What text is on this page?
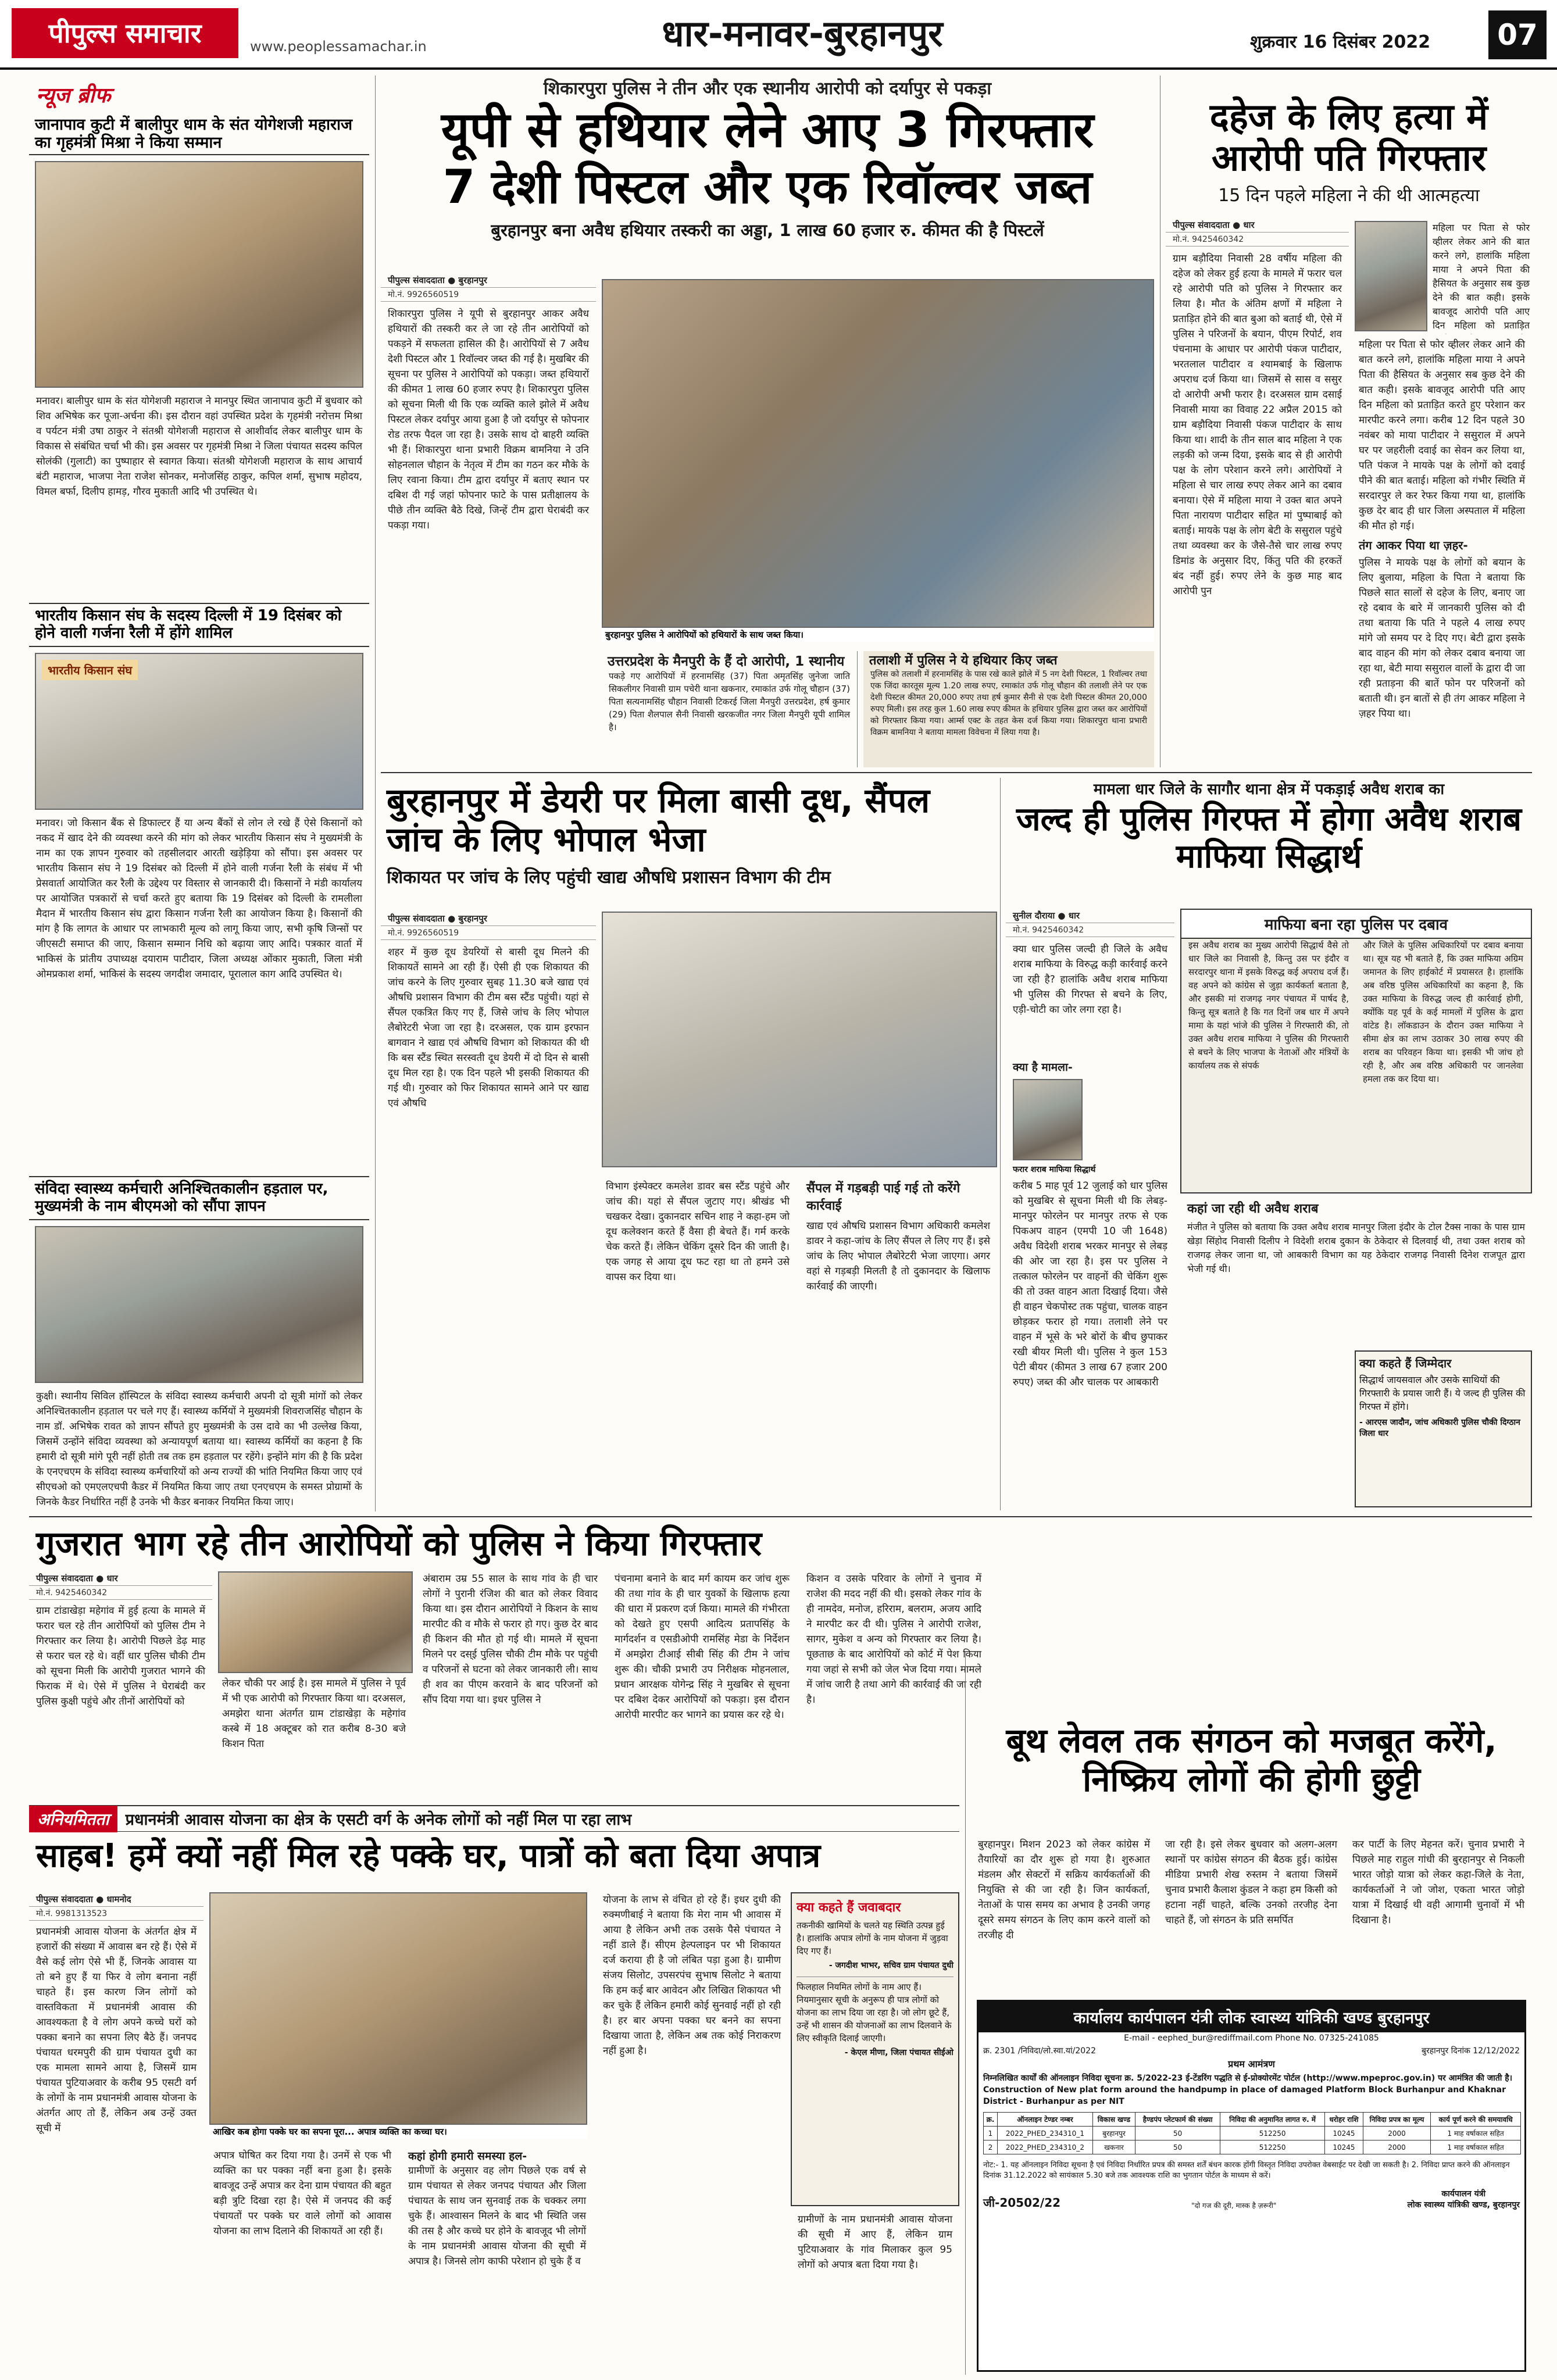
पीपुल्स समाचार	www.peoplessamachar.in	धार-मनावर-बुरहानपुर	शुक्रवार 16 दिसंबर 2022	07
न्यूज ब्रीफ
जानापाव कुटी में बालीपुर धाम के संत योगेशजी महाराज का गृहमंत्री मिश्रा ने किया सम्मान
मनावर। बालीपुर धाम के संत योगेशजी महाराज ने मानपुर स्थित जानापाव कुटी में बुधवार को शिव अभिषेक कर पूजा-अर्चना की। इस दौरान वहां उपस्थित प्रदेश के गृहमंत्री नरोत्तम मिश्रा व पर्यटन मंत्री उषा ठाकुर ने संतश्री योगेशजी महाराज से आशीर्वाद लेकर बालीपुर धाम के विकास से संबंधित चर्चा भी की। इस अवसर पर गृहमंत्री मिश्रा ने जिला पंचायत सदस्य कपिल सोलंकी (गुलाटी) का पुष्पाहार से स्वागत किया। संतश्री योगेशजी महाराज के साथ आचार्य बंटी महाराज, भाजपा नेता राजेश सोनकर, मनोजसिंह ठाकुर, कपिल शर्मा, सुभाष महोदय, विमल बर्फा, दिलीप हामड़, गौरव मुकाती आदि भी उपस्थित थे।
भारतीय किसान संघ के सदस्य दिल्ली में 19 दिसंबर को होने वाली गर्जना रैली में होंगे शामिल
भारतीय किसान संघ
मनावर। जो किसान बैंक से डिफाल्टर हैं या अन्य बैंकों से लोन ले रखे हैं ऐसे किसानों को नकद में खाद देने की व्यवस्था करने की मांग को लेकर भारतीय किसान संघ ने मुख्यमंत्री के नाम का एक ज्ञापन गुरुवार को तहसीलदार आरती खड़ेड़िया को सौंपा। इस अवसर पर भारतीय किसान संघ ने 19 दिसंबर को दिल्ली में होने वाली गर्जना रैली के संबंध में भी प्रेसवार्ता आयोजित कर रैली के उद्देश्य पर विस्तार से जानकारी दी। किसानों ने मंडी कार्यालय पर आयोजित पत्रकारों से चर्चा करते हुए बताया कि 19 दिसंबर को दिल्ली के रामलीला मैदान में भारतीय किसान संघ द्वारा किसान गर्जना रैली का आयोजन किया है। किसानों की मांग है कि लागत के आधार पर लाभकारी मूल्य को लागू किया जाए, सभी कृषि जिन्सों पर जीएसटी समाप्त की जाए, किसान सम्मान निधि को बढ़ाया जाए आदि। पत्रकार वार्ता में भाकिसं के प्रांतीय उपाध्यक्ष दयाराम पाटीदार, जिला अध्यक्ष ओंकार मुकाती, जिला मंत्री ओमप्रकाश शर्मा, भाकिसं के सदस्य जगदीश जमादार, पूरालाल काग आदि उपस्थित थे।
संविदा स्वास्थ्य कर्मचारी अनिश्चितकालीन हड़ताल पर, मुख्यमंत्री के नाम बीएमओ को सौंपा ज्ञापन
कुक्षी। स्थानीय सिविल हॉस्पिटल के संविदा स्वास्थ्य कर्मचारी अपनी दो सूत्री मांगों को लेकर अनिश्चितकालीन हड़ताल पर चले गए हैं। स्वास्थ्य कर्मियों ने मुख्यमंत्री शिवराजसिंह चौहान के नाम डॉ. अभिषेक रावत को ज्ञापन सौंपते हुए मुख्यमंत्री के उस दावे का भी उल्लेख किया, जिसमें उन्होंने संविदा व्यवस्था को अन्यायपूर्ण बताया था। स्वास्थ्य कर्मियों का कहना है कि हमारी दो सूत्री मांगे पूरी नहीं होती तब तक हम हड़ताल पर रहेंगे। इन्होंने मांग की है कि प्रदेश के एनएचएम के संविदा स्वास्थ्य कर्मचारियों को अन्य राज्यों की भांति नियमित किया जाए एवं सीएचओ को एमएलएचपी कैडर में नियमित किया जाए तथा एनएचएम के समस्त प्रोग्रामों के जिनके कैडर निर्धारित नहीं है उनके भी कैडर बनाकर नियमित किया जाए।
शिकारपुरा पुलिस ने तीन और एक स्थानीय आरोपी को दर्यापुर से पकड़ा
यूपी से हथियार लेने आए 3 गिरफ्तार
7 देशी पिस्टल और एक रिवॉल्वर जब्त
बुरहानपुर बना अवैध हथियार तस्करी का अड्डा, 1 लाख 60 हजार रु. कीमत की है पिस्टलें
पीपुल्स संवाददाता ● बुरहानपुर
मो.नं. 9926560519
शिकारपुरा पुलिस ने यूपी से बुरहानपुर आकर अवैध हथियारों की तस्करी कर ले जा रहे तीन आरोपियों को पकड़ने में सफलता हासिल की है। आरोपियों से 7 अवैध देशी पिस्टल और 1 रिवॉल्वर जब्त की गई है। मुखबिर की सूचना पर पुलिस ने आरोपियों को पकड़ा। जब्त हथियारों की कीमत 1 लाख 60 हजार रुपए है। शिकारपुरा पुलिस को सूचना मिली थी कि एक व्यक्ति काले झोले में अवैध पिस्टल लेकर दर्यापुर आया हुआ है जो दर्यापुर से फोपनार रोड तरफ पैदल जा रहा है। उसके साथ दो बाहरी व्यक्ति भी हैं। शिकारपुरा थाना प्रभारी विक्रम बामनिया ने उनि सोहनलाल चौहान के नेतृत्व में टीम का गठन कर मौके के लिए रवाना किया। टीम द्वारा दर्यापुर में बताए स्थान पर दबिश दी गई जहां फोपनार फाटे के पास प्रतीक्षालय के पीछे तीन व्यक्ति बैठे दिखे, जिन्हें टीम द्वारा घेराबंदी कर पकड़ा गया।
बुरहानपुर पुलिस ने आरोपियों को हथियारों के साथ जब्त किया।
उत्तरप्रदेश के मैनपुरी के हैं दो आरोपी, 1 स्थानीय
पकड़े गए आरोपियों में हरनामसिंह (37) पिता अमृतसिंह जुनेजा जाति सिकलीगर निवासी ग्राम पचेरी थाना खकनार, रमाकांत उर्फ गोलू चौहान (37) पिता सत्यनामसिंह चौहान निवासी टिकरई जिला मैनपुरी उत्तरप्रदेश, हर्ष कुमार (29) पिता शैलपाल सैनी निवासी खरकजीत नगर जिला मैनपुरी यूपी शामिल है।
तलाशी में पुलिस ने ये हथियार किए जब्त
पुलिस को तलाशी में हरनामसिंह के पास रखे काले झोले में 5 नग देशी पिस्टल, 1 रिवॉल्वर तथा एक जिंदा कारतूस मूल्य 1.20 लाख रुपए, रमाकांत उर्फ गोलू चौहान की तलाशी लेने पर एक देशी पिस्टल कीमत 20,000 रुपए तथा हर्ष कुमार सैनी से एक देशी पिस्टल कीमत 20,000 रुपए मिली। इस तरह कुल 1.60 लाख रुपए कीमत के हथियार पुलिस द्वारा जब्त कर आरोपियों को गिरफ्तार किया गया। आर्म्स एक्ट के तहत केस दर्ज किया गया। शिकारपुरा थाना प्रभारी विक्रम बामनिया ने बताया मामला विवेचना में लिया गया है।
दहेज के लिए हत्या में आरोपी पति गिरफ्तार
15 दिन पहले महिला ने की थी आत्महत्या
पीपुल्स संवाददाता ● धार
मो.नं. 9425460342
ग्राम बड़ौदिया निवासी 28 वर्षीय महिला की दहेज को लेकर हुई हत्या के मामले में फरार चल रहे आरोपी पति को पुलिस ने गिरफ्तार कर लिया है। मौत के अंतिम क्षणों में महिला ने प्रताड़ित होने की बात बुआ को बताई थी, ऐसे में पुलिस ने परिजनों के बयान, पीएम रिपोर्ट, शव पंचनामा के आधार पर आरोपी पंकज पाटीदार, भरतलाल पाटीदार व श्यामबाई के खिलाफ अपराध दर्ज किया था। जिसमें से सास व ससुर दो आरोपी अभी फरार है। दरअसल ग्राम दसाई निवासी माया का विवाह 22 अप्रैल 2015 को ग्राम बड़ौदिया निवासी पंकज पाटीदार के साथ किया था। शादी के तीन साल बाद महिला ने एक लड़की को जन्म दिया, इसके बाद से ही आरोपी पक्ष के लोग परेशान करने लगे। आरोपियों ने महिला से चार लाख रुपए लेकर आने का दबाव बनाया। ऐसे में महिला माया ने उक्त बात अपने पिता नारायण पाटीदार सहित मां पुष्पाबाई को बताई। मायके पक्ष के लोग बेटी के ससुराल पहुंचे तथा व्यवस्था कर के जैसे-तैसे चार लाख रुपए डिमांड के अनुसार दिए, किंतु पति की हरकतें बंद नहीं हुई। रुपए लेने के कुछ माह बाद आरोपी पुन
महिला पर पिता से फोर व्हीलर लेकर आने की बात करने लगे, हालांकि महिला माया ने अपने पिता की हैसियत के अनुसार सब कुछ देने की बात कही। इसके बावजूद आरोपी पति आए दिन महिला को प्रताड़ित
महिला पर पिता से फोर व्हीलर लेकर आने की बात करने लगे, हालांकि महिला माया ने अपने पिता की हैसियत के अनुसार सब कुछ देने की बात कही। इसके बावजूद आरोपी पति आए दिन महिला को प्रताड़ित करते हुए परेशान कर मारपीट करने लगा। करीब 12 दिन पहले 30 नवंबर को माया पाटीदार ने ससुराल में अपने घर पर जहरीली दवाई का सेवन कर लिया था, पति पंकज ने मायके पक्ष के लोगों को दवाई पीने की बात बताई। महिला को गंभीर स्थिति में सरदारपुर ले कर रेफर किया गया था, हालांकि कुछ देर बाद ही धार जिला अस्पताल में महिला की मौत हो गई।
तंग आकर पिया था ज़हर-
पुलिस ने मायके पक्ष के लोगों को बयान के लिए बुलाया, महिला के पिता ने बताया कि पिछले सात सालों से दहेज के लिए, बनाए जा रहे दबाव के बारे में जानकारी पुलिस को दी तथा बताया कि पति ने पहले 4 लाख रुपए मांगे जो समय पर दे दिए गए। बेटी द्वारा इसके बाद वाहन की मांग को लेकर दबाव बनाया जा रहा था, बेटी माया ससुराल वालों के द्वारा दी जा रही प्रताड़ना की बातें फोन पर परिजनों को बताती थी। इन बातों से ही तंग आकर महिला ने ज़हर पिया था।
बुरहानपुर में डेयरी पर मिला बासी दूध, सैंपल जांच के लिए भोपाल भेजा
शिकायत पर जांच के लिए पहुंची खाद्य औषधि प्रशासन विभाग की टीम
पीपुल्स संवाददाता ● बुरहानपुर
मो.नं. 9926560519
शहर में कुछ दूध डेयरियों से बासी दूध मिलने की शिकायतें सामने आ रही हैं। ऐसी ही एक शिकायत की जांच करने के लिए गुरुवार सुबह 11.30 बजे खाद्य एवं औषधि प्रशासन विभाग की टीम बस स्टैंड पहुंची। यहां से सैंपल एकत्रित किए गए हैं, जिसे जांच के लिए भोपाल लैबोरेटरी भेजा जा रहा है। दरअसल, एक ग्राम इरफान बागवान ने खाद्य एवं औषधि विभाग को शिकायत की थी कि बस स्टैंड स्थित सरस्वती दूध डेयरी में दो दिन से बासी दूध मिल रहा है। एक दिन पहले भी इसकी शिकायत की गई थी। गुरुवार को फिर शिकायत सामने आने पर खाद्य एवं औषधि
विभाग इंस्पेक्टर कमलेश डावर बस स्टैंड पहुंचे और जांच की। यहां से सैंपल जुटाए गए। श्रीखंड भी चखकर देखा। दुकानदार सचिन शाह ने कहा-हम जो दूध कलेक्शन करते हैं वैसा ही बेचते हैं। गर्म करके चेक करते हैं। लेकिन चेकिंग दूसरे दिन की जाती है। एक जगह से आया दूध फट रहा था तो हमने उसे वापस कर दिया था।
सैंपल में गड़बड़ी पाई गई तो करेंगे कार्रवाई
खाद्य एवं औषधि प्रशासन विभाग अधिकारी कमलेश डावर ने कहा-जांच के लिए सैंपल ले लिए गए हैं। इसे जांच के लिए भोपाल लैबोरेटरी भेजा जाएगा। अगर वहां से गड़बड़ी मिलती है तो दुकानदार के खिलाफ कार्रवाई की जाएगी।
मामला धार जिले के सागौर थाना क्षेत्र में पकड़ाई अवैध शराब का
जल्द ही पुलिस गिरफ्त में होगा अवैध शराब माफिया सिद्धार्थ
सुनील दौराया ● धार
मो.नं. 9425460342
क्या धार पुलिस जल्दी ही जिले के अवैध शराब माफिया के विरुद्ध कड़ी कार्रवाई करने जा रही है? हालांकि अवैध शराब माफिया भी पुलिस की गिरफ्त से बचने के लिए, एड़ी-चोटी का जोर लगा रहा है।
क्या है मामला-
फरार शराब माफिया सिद्धार्थ
करीब 5 माह पूर्व 12 जुलाई को धार पुलिस को मुखबिर से सूचना मिली थी कि लेबड़-मानपुर फोरलेन पर मानपुर तरफ से एक पिकअप वाहन (एमपी 10 जी 1648) अवैध विदेशी शराब भरकर मानपुर से लेबड़ की ओर जा रहा है। इस पर पुलिस ने तत्काल फोरलेन पर वाहनों की चेकिंग शुरू की तो उक्त वाहन आता दिखाई दिया। जैसे ही वाहन चेकपोस्ट तक पहुंचा, चालक वाहन छोड़कर फरार हो गया। तलाशी लेने पर वाहन में भूसे के भरे बोरों के बीच छुपाकर रखी बीयर मिली थी। पुलिस ने कुल 153 पेटी बीयर (कीमत 3 लाख 67 हजार 200 रुपए) जब्त की और चालक पर आबकारी
माफिया बना रहा पुलिस पर दबाव
इस अवैध शराब का मुख्य आरोपी सिद्धार्थ वैसे तो धार जिले का निवासी है, किन्तु उस पर इंदौर व सरदारपुर थाना में इसके विरुद्ध कई अपराध दर्ज हैं। वह अपने को कांग्रेस से जुड़ा कार्यकर्ता बताता है, और इसकी मां राजगढ़ नगर पंचायत में पार्षद है, किन्तु सूत्र बताते है कि गत दिनों जब धार में अपने मामा के यहां भांजे की पुलिस ने गिरफ्तारी की, तो उक्त अवैध शराब माफिया ने पुलिस की गिरफ्तारी से बचने के लिए भाजपा के नेताओं और मंत्रियों के कार्यालय तक से संपर्क
और जिले के पुलिस अधिकारियों पर दबाव बनाया था। सूत्र यह भी बताते हैं, कि उक्त माफिया अग्रिम जमानत के लिए हाईकोर्ट में प्रयासरत है। हालांकि अब वरिष्ठ पुलिस अधिकारियों का कहना है, कि उक्त माफिया के विरुद्ध जल्द ही कार्रवाई होगी, क्योंकि यह पूर्व के कई मामलों में पुलिस के द्वारा वांटेड है। लॉकडाउन के दौरान उक्त माफिया ने सीमा क्षेत्र का लाभ उठाकर 30 लाख रुपए की शराब का परिवहन किया था। इसकी भी जांच हो रही है, और अब वरिष्ठ अधिकारी पर जानलेवा हमला तक कर दिया था।
कहां जा रही थी अवैध शराब
मंजीत ने पुलिस को बताया कि उक्त अवैध शराब मानपुर जिला इंदौर के टोल टैक्स नाका के पास ग्राम खेड़ा सिंहोद निवासी दिलीप ने विदेशी शराब दुकान के ठेकेदार से दिलवाई थी, तथा उक्त शराब को राजगढ़ लेकर जाना था, जो आबकारी विभाग का यह ठेकेदार राजगढ़ निवासी दिनेश राजपूत द्वारा भेजी गई थी।
क्या कहते हैं जिम्मेदार
सिद्धार्थ जायसवाल और उसके साथियों की गिरफ्तारी के प्रयास जारी हैं। ये जल्द ही पुलिस की गिरफ्त में होंगे।
- आरएस जादौन, जांच अधिकारी पुलिस चौकी दिग्ठान जिला धार
गुजरात भाग रहे तीन आरोपियों को पुलिस ने किया गिरफ्तार
पीपुल्स संवाददाता ● धार
मो.नं. 9425460342
ग्राम टांडाखेड़ा महेगांव में हुई हत्या के मामले में फरार चल रहे तीन आरोपियों को पुलिस टीम ने गिरफ्तार कर लिया है। आरोपी पिछले डेढ़ माह से फरार चल रहे थे। वहीं धार पुलिस चौकी टीम को सूचना मिली कि आरोपी गुजरात भागने की फिराक में थे। ऐसे में पुलिस ने घेराबंदी कर पुलिस कुक्षी पहुंचे और तीनों आरोपियों को
लेकर चौकी पर आई है। इस मामले में पुलिस ने पूर्व में भी एक आरोपी को गिरफ्तार किया था। दरअसल, अमझेरा थाना अंतर्गत ग्राम टांडाखेड़ा के महेगांव कस्बे में 18 अक्टूबर को रात करीब 8-30 बजे किशन पिता
अंबाराम उम्र 55 साल के साथ गांव के ही चार लोगों ने पुरानी रंजिश की बात को लेकर विवाद किया था। इस दौरान आरोपियों ने किशन के साथ मारपीट की व मौके से फरार हो गए। कुछ देर बाद ही किशन की मौत हो गई थी। मामले में सूचना मिलने पर दस्ई पुलिस चौकी टीम मौके पर पहुंची व परिजनों से घटना को लेकर जानकारी ली। साथ ही शव का पीएम करवाने के बाद परिजनों को सौंप दिया गया था। इधर पुलिस ने
पंचनामा बनाने के बाद मर्ग कायम कर जांच शुरू की तथा गांव के ही चार युवकों के खिलाफ हत्या की धारा में प्रकरण दर्ज किया। मामले की गंभीरता को देखते हुए एसपी आदित्य प्रतापसिंह के मार्गदर्शन व एसडीओपी रामसिंह मेडा के निर्देशन में अमझेरा टीआई सीबी सिंह की टीम ने जांच शुरू की। चौकी प्रभारी उप निरीक्षक मोहनलाल, प्रधान आरक्षक योगेन्द्र सिंह ने मुखबिर से सूचना पर दबिश देकर आरोपियों को पकड़ा। इस दौरान आरोपी मारपीट कर भागने का प्रयास कर रहे थे।
किशन व उसके परिवार के लोगों ने चुनाव में राजेश की मदद नहीं की थी। इसको लेकर गांव के ही नामदेव, मनोज, हरिराम, बलराम, अजय आदि ने मारपीट कर दी थी। पुलिस ने आरोपी राजेश, सागर, मुकेश व अन्य को गिरफ्तार कर लिया है। पूछताछ के बाद आरोपियों को कोर्ट में पेश किया गया जहां से सभी को जेल भेज दिया गया। मामले में जांच जारी है तथा आगे की कार्रवाई की जा रही है।
अनियमितता	प्रधानमंत्री आवास योजना का क्षेत्र के एसटी वर्ग के अनेक लोगों को नहीं मिल पा रहा लाभ
साहब! हमें क्यों नहीं मिल रहे पक्के घर, पात्रों को बता दिया अपात्र
पीपुल्स संवाददाता ● धामनोद
मो.नं. 9981313523
प्रधानमंत्री आवास योजना के अंतर्गत क्षेत्र में हजारों की संख्या में आवास बन रहे हैं। ऐसे में वैसे कई लोग ऐसे भी हैं, जिनके आवास या तो बने हुए हैं या फिर वे लोग बनाना नहीं चाहते हैं। इस कारण जिन लोगों को वास्तविकता में प्रधानमंत्री आवास की आवश्यकता है वे लोग अपने कच्चे घरों को पक्का बनाने का सपना लिए बैठे हैं। जनपद पंचायत धरमपुरी की ग्राम पंचायत दुधी का एक मामला सामने आया है, जिसमें ग्राम पंचायत पुटियाअवार के करीब 95 एसटी वर्ग के लोगों के नाम प्रधानमंत्री आवास योजना के अंतर्गत आए तो हैं, लेकिन अब उन्हें उक्त सूची में	आखिर कब होगा पक्के घर का सपना पूरा... अपात्र व्यक्ति का कच्चा घर।
अपात्र घोषित कर दिया गया है। उनमें से एक भी व्यक्ति का घर पक्का नहीं बना हुआ है। इसके बावजूद उन्हें अपात्र कर देना ग्राम पंचायत की बहुत बड़ी त्रुटि दिखा रहा है। ऐसे में जनपद की कई पंचायतों पर पक्के घर वाले लोगों को आवास योजना का लाभ दिलाने की शिकायतें आ रही हैं।
कहां होगी हमारी समस्या हल-
ग्रामीणों के अनुसार वह लोग पिछले एक वर्ष से ग्राम पंचायत से लेकर जनपद पंचायत और जिला पंचायत के साथ जन सुनवाई तक के चक्कर लगा चुके हैं। आश्वासन मिलने के बाद भी स्थिति जस की तस है और कच्चे घर होने के बावजूद भी लोगों के नाम प्रधानमंत्री आवास योजना की सूची में अपात्र है। जिनसे लोग काफी परेशान हो चुके हैं व
योजना के लाभ से वंचित हो रहे हैं। इधर दुधी की रुक्मणीबाई ने बताया कि मेरा नाम भी आवास में आया है लेकिन अभी तक उसके पैसे पंचायत ने नहीं डाले हैं। सीएम हेल्पलाइन पर भी शिकायत दर्ज कराया ही है जो लंबित पड़ा हुआ है। ग्रामीण संजय सिलोट, उपसरपंच सुभाष सिलोट ने बताया कि हम कई बार आवेदन और लिखित शिकायत भी कर चुके हैं लेकिन हमारी कोई सुनवाई नहीं हो रही है। हर बार अपना पक्का घर बनने का सपना दिखाया जाता है, लेकिन अब तक कोई निराकरण नहीं हुआ है।
क्या कहते हैं जवाबदार
तकनीकी खामियों के चलते यह स्थिति उत्पन्न हुई है। हालांकि अपात्र लोगों के नाम योजना में जुड़वा दिए गए हैं।
- जगदीश भाभर, सचिव ग्राम पंचायत दुधी
फिलहाल नियमित लोगों के नाम आए हैं। नियमानुसार सूची के अनुरूप ही पात्र लोगों को योजना का लाभ दिया जा रहा है। जो लोग छूटे हैं, उन्हें भी शासन की योजनाओं का लाभ दिलवाने के लिए स्वीकृति दिलाई जाएगी।
- केएल मीणा, जिला पंचायत सीईओ
ग्रामीणों के नाम प्रधानमंत्री आवास योजना की सूची में आए हैं, लेकिन ग्राम पुटियाअवार के गांव मिलाकर कुल 95 लोगों को अपात्र बता दिया गया है।
बूथ लेवल तक संगठन को मजबूत करेंगे, निष्क्रिय लोगों की होगी छुट्टी
बुरहानपुर। मिशन 2023 को लेकर कांग्रेस में तैयारियों का दौर शुरू हो गया है। शुरुआत मंडलम और सेक्टरों में सक्रिय कार्यकर्ताओं की नियुक्ति से की जा रही है। जिन कार्यकर्ता, नेताओं के पास समय का अभाव है उनकी जगह दूसरे समय संगठन के लिए काम करने वालों को तरजीह दी
जा रही है। इसे लेकर बुधवार को अलग-अलग स्थानों पर कांग्रेस संगठन की बैठक हुई। कांग्रेस मीडिया प्रभारी शेख रुस्तम ने बताया जिसमें चुनाव प्रभारी कैलाश कुंडल ने कहा हम किसी को हटाना नहीं चाहते, बल्कि उनको तरजीह देना चाहते हैं, जो संगठन के प्रति समर्पित
कर पार्टी के लिए मेहनत करें। चुनाव प्रभारी ने पिछले माह राहुल गांधी की बुरहानपुर से निकली भारत जोड़ो यात्रा को लेकर कहा-जिले के नेता, कार्यकर्ताओं ने जो जोश, एकता भारत जोड़ो यात्रा में दिखाई थी वही आगामी चुनावों में भी दिखाना है।
कार्यालय कार्यपालन यंत्री लोक स्वास्थ्य यांत्रिकी खण्ड बुरहानपुर
E-mail - eephed_bur@rediffmail.com Phone No. 07325-241085
क्र. 2301 /निविदा/लो.स्वा.यां/2022	बुरहानपुर दिनांक 12/12/2022
प्रथम आमंत्रण
निम्नलिखित कार्यों की ऑनलाइन निविदा सूचना क्र. 5/2022-23 ई-टेंडरिंग पद्धति से ई-प्रोक्योरमेंट पोर्टल (http://www.mpeproc.gov.in) पर आमंत्रित की जाती है। Construction of New plat form around the handpump in place of damaged Platform Block Burhanpur and Khaknar District - Burhanpur as per NIT
क्र.	ऑनलाइन टेण्डर नम्बर	विकास खण्ड	हैण्डपंप प्लेटफार्म की संख्या	निविदा की अनुमानित लागत रु. में	धरोहर राशि	निविदा प्रपत्र का मूल्य	कार्य पूर्ण करने की समयावधि
1	2022_PHED_234310_1	बुरहानपुर	50	512250	10245	2000	1 माह वर्षाकाल सहित
2	2022_PHED_234310_2	खकनार	50	512250	10245	2000	1 माह वर्षाकाल सहित
नोट:- 1. यह ऑनलाइन निविदा सूचना है एवं निविदा निर्धारित प्रपत्र की समस्त शर्तें बंधन कारक होंगी विस्तृत निविदा उपरोक्त वेबसाईट पर देखी जा सकती है। 2. निविदा प्राप्त करने की ऑनलाइन दिनांक 31.12.2022 को सायंकाल 5.30 बजे तक आवश्यक राशि का भुगतान पोर्टल के माध्यम से करें।
जी-20502/22	"दो गज की दूरी, मास्क है ज़रूरी"
कार्यपालन यंत्री
लोक स्वास्थ्य यांत्रिकी खण्ड, बुरहानपुर
